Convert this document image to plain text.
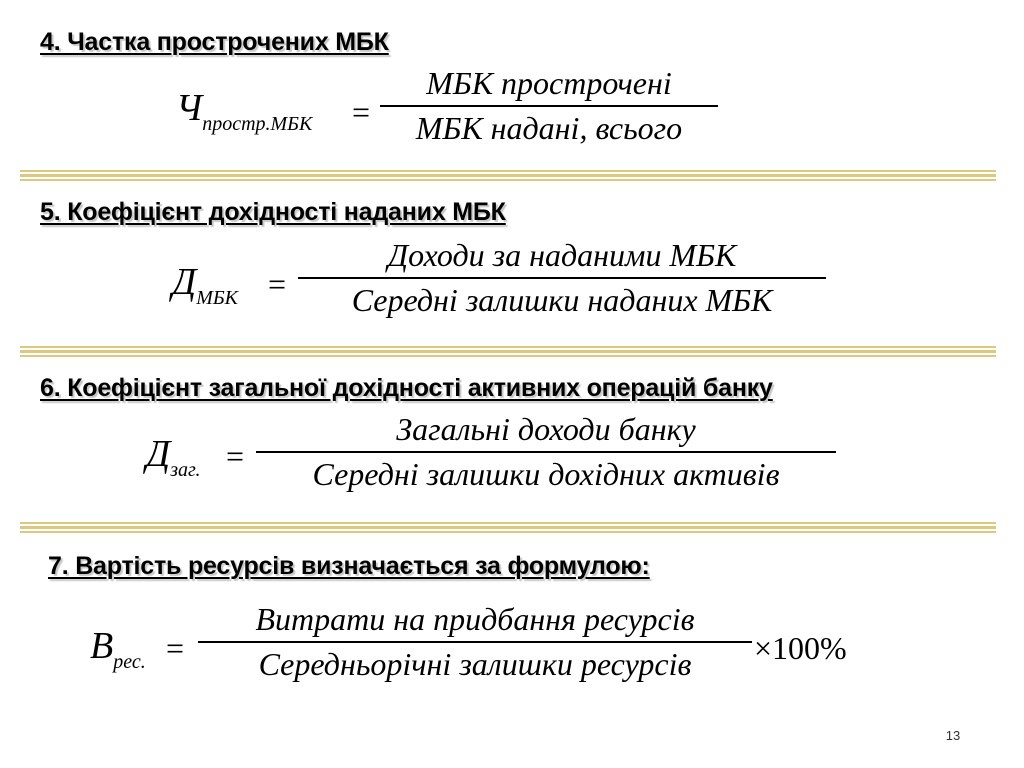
4. Частка прострочених МБК
$Ч_{простр.МБК}$ =
МБК прострочені
МБК надані, всього
5. Коефіцієнт дохідності наданих МБК
$Д_{МБК}$ =
Доходи за наданими МБК
Середні залишки наданих МБК
6. Коефіцієнт загальної дохідності активних операцій банку
$Д_{заг.}$ =
Загальні доходи банку
Середні залишки дохідних активів
7. Вартість ресурсів визначається за формулою:
$В_{рес.}$ =
Витрати на придбання ресурсів
Середньорічні залишки ресурсів	×100%
13
